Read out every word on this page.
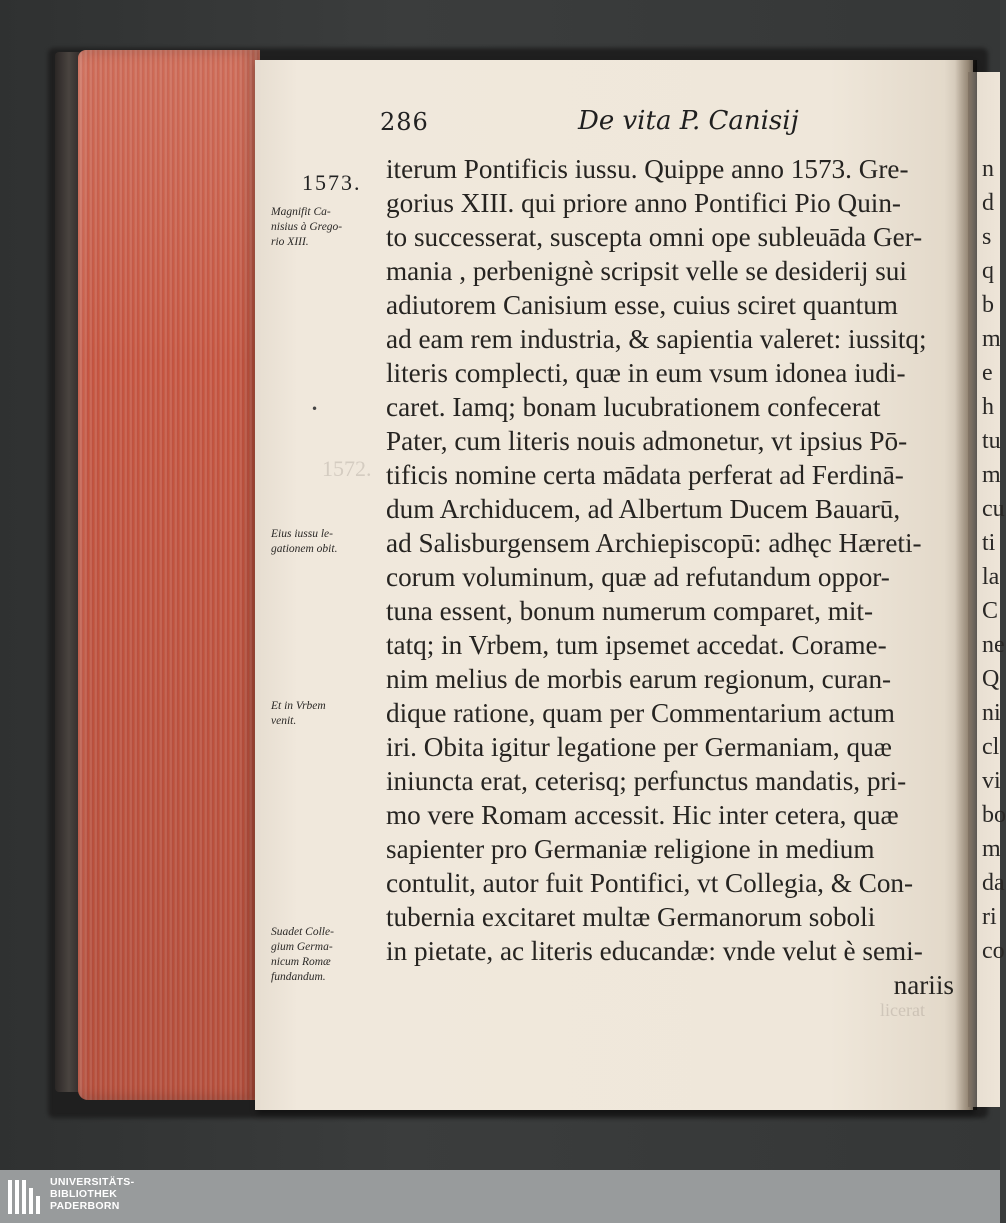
1572.
licerat
286	De vita P. Canisij
1573.
Magnifit Ca-
nisius à Grego-
rio XIII.
•
Eius iussu le-
gationem obit.
Et in Vrbem
venit.
Suadet Colle-
gium Germa-
nicum Romæ
fundandum.
iterum Pontificis iussu. Quippe anno 1573. Gre-
gorius XIII. qui priore anno Pontifici Pio Quin-
to successerat, suscepta omni ope subleuāda Ger-
mania , perbenignè scripsit velle se desiderij sui
adiutorem Canisium esse, cuius sciret quantum
ad eam rem industria, & sapientia valeret: iussitq;
literis complecti, quæ in eum vsum idonea iudi-
caret. Iamq; bonam lucubrationem confecerat
Pater, cum literis nouis admonetur, vt ipsius Pō-
tificis nomine certa mādata perferat ad Ferdinā-
dum Archiducem, ad Albertum Ducem Bauarū,
ad Salisburgensem Archiepiscopū: adhęc Hæreti-
corum voluminum, quæ ad refutandum oppor-
tuna essent, bonum numerum comparet, mit-
tatq; in Vrbem, tum ipsemet accedat. Corame-
nim melius de morbis earum regionum, curan-
dique ratione, quam per Commentarium actum
iri. Obita igitur legatione per Germaniam, quæ
iniuncta erat, ceterisq; perfunctus mandatis, pri-
mo vere Romam accessit. Hic inter cetera, quæ
sapienter pro Germaniæ religione in medium
contulit, autor fuit Pontifici, vt Collegia, & Con-
tubernia excitaret multæ Germanorum soboli
in pietate, ac literis educandæ: vnde velut è semi-
nariis
n
d
s
q
b
m
e
h
tu
m
cu
ti
la
C
ne
Q
ni
cl
vi
bo
m
da
ri
co
UNIVERSITÄTS-
BIBLIOTHEK
PADERBORN
